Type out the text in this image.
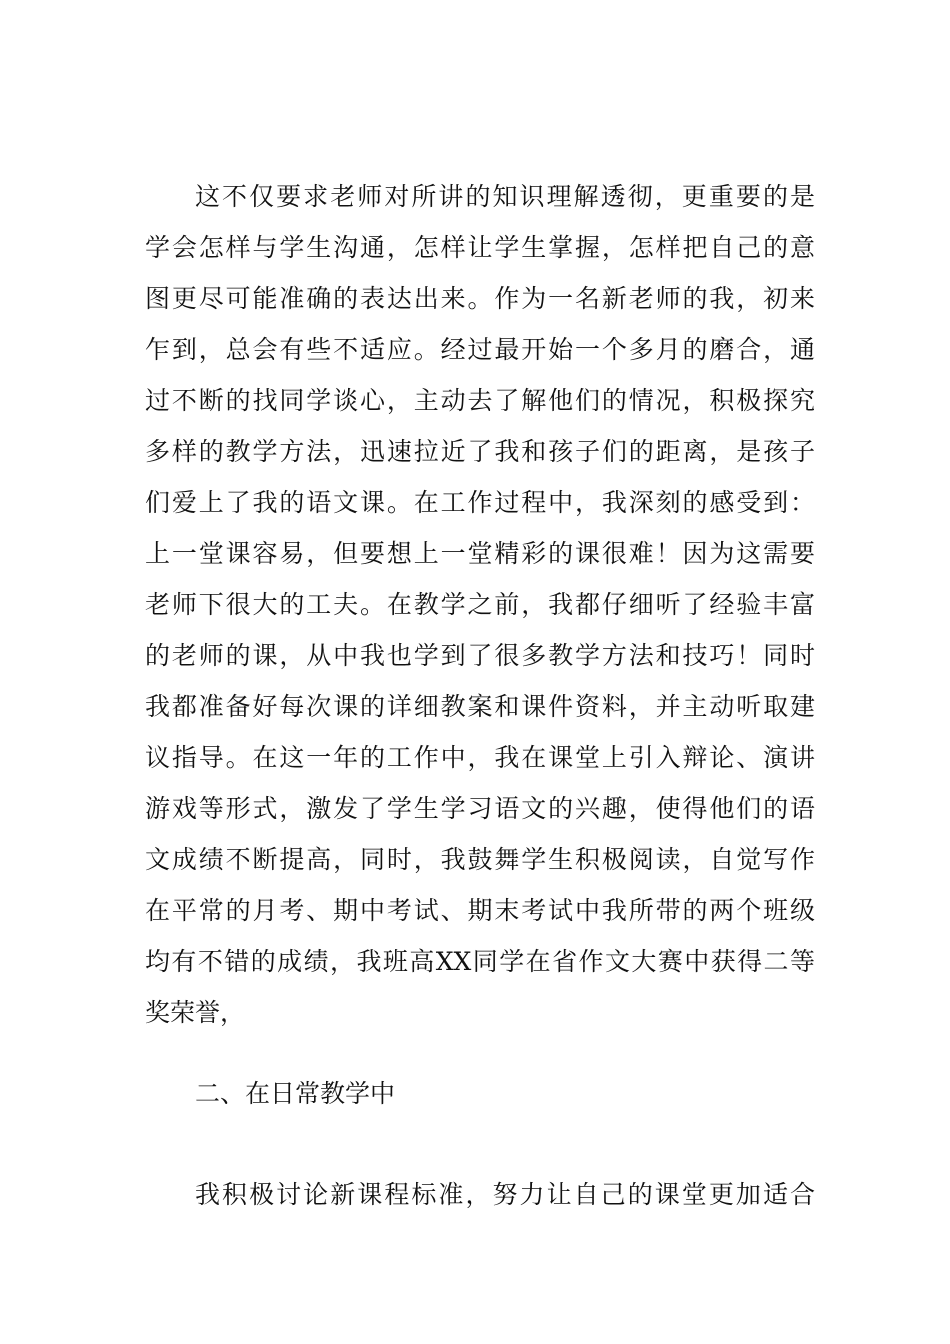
这不仅要求老师对所讲的知识理解透彻，更重要的是
学会怎样与学生沟通，怎样让学生掌握，怎样把自己的意
图更尽可能准确的表达出来。作为一名新老师的我，初来
乍到，总会有些不适应。经过最开始一个多月的磨合，通
过不断的找同学谈心，主动去了解他们的情况，积极探究
多样的教学方法，迅速拉近了我和孩子们的距离，是孩子
们爱上了我的语文课。在工作过程中，我深刻的感受到：
上一堂课容易，但要想上一堂精彩的课很难！因为这需要
老师下很大的工夫。在教学之前，我都仔细听了经验丰富
的老师的课，从中我也学到了很多教学方法和技巧！同时
我都准备好每次课的详细教案和课件资料，并主动听取建
议指导。在这一年的工作中，我在课堂上引入辩论、演讲
游戏等形式，激发了学生学习语文的兴趣，使得他们的语
文成绩不断提高，同时，我鼓舞学生积极阅读，自觉写作
在平常的月考、期中考试、期末考试中我所带的两个班级
均有不错的成绩，我班高XX同学在省作文大赛中获得二等
奖荣誉，
二、在日常教学中
我积极讨论新课程标准，努力让自己的课堂更加适合
